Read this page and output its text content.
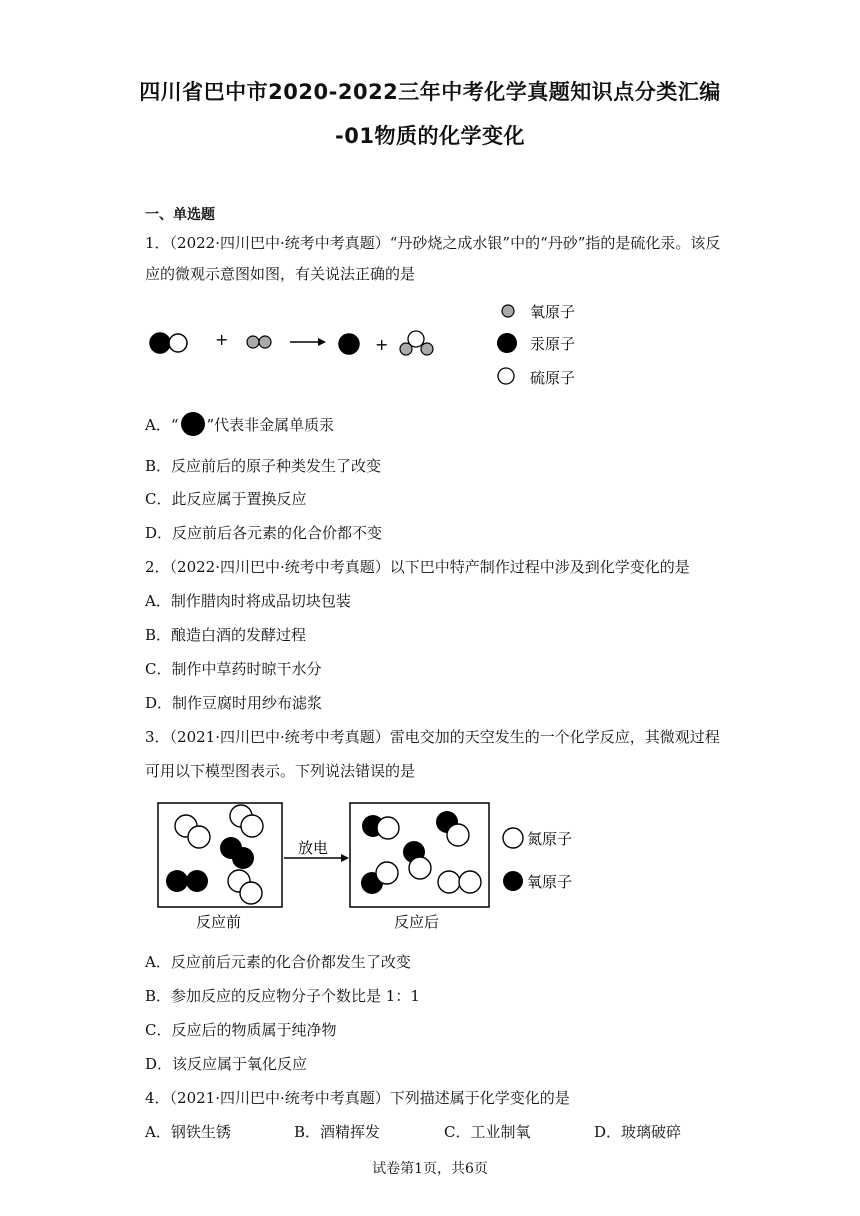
四川省巴中市2020-2022三年中考化学真题知识点分类汇编
-01物质的化学变化
一、单选题
1．（2022·四川巴中·统考中考真题）“丹砂烧之成水银”中的“丹砂”指的是硫化汞。该反
应的微观示意图如图，有关说法正确的是
+	+
氧原子
汞原子
硫原子
A．“ ”代表非金属单质汞
B．反应前后的原子种类发生了改变
C．此反应属于置换反应
D．反应前后各元素的化合价都不变
2．（2022·四川巴中·统考中考真题）以下巴中特产制作过程中涉及到化学变化的是
A．制作腊肉时将成品切块包装
B．酿造白酒的发酵过程
C．制作中草药时晾干水分
D．制作豆腐时用纱布滤浆
3．（2021·四川巴中·统考中考真题）雷电交加的天空发生的一个化学反应，其微观过程
可用以下模型图表示。下列说法错误的是
反应前
放电
反应后
氮原子
氧原子
A．反应前后元素的化合价都发生了改变
B．参加反应的反应物分子个数比是 1：1
C．反应后的物质属于纯净物
D．该反应属于氧化反应
4．（2021·四川巴中·统考中考真题）下列描述属于化学变化的是
A．钢铁生锈	B．酒精挥发	C．工业制氧	D．玻璃破碎
试卷第1页，共6页
